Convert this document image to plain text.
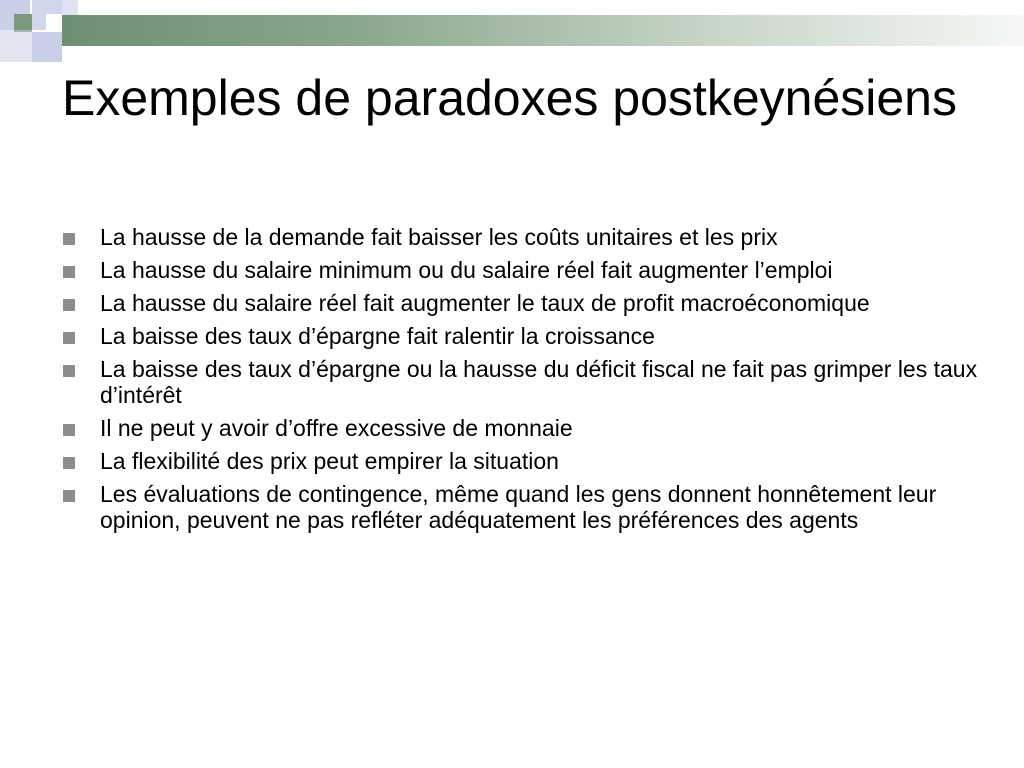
Exemples de paradoxes postkeynésiens
La hausse de la demande fait baisser les coûts unitaires et les prix
La hausse du salaire minimum ou du salaire réel fait augmenter l’emploi
La hausse du salaire réel fait augmenter le taux de profit macroéconomique
La baisse des taux d’épargne fait ralentir la croissance
La baisse des taux d’épargne ou la hausse du déficit fiscal ne fait pas grimper les taux d’intérêt
Il ne peut y avoir d’offre excessive de monnaie
La flexibilité des prix peut empirer la situation
Les évaluations de contingence, même quand les gens donnent honnêtement leur opinion, peuvent ne pas refléter adéquatement les préférences des agents
